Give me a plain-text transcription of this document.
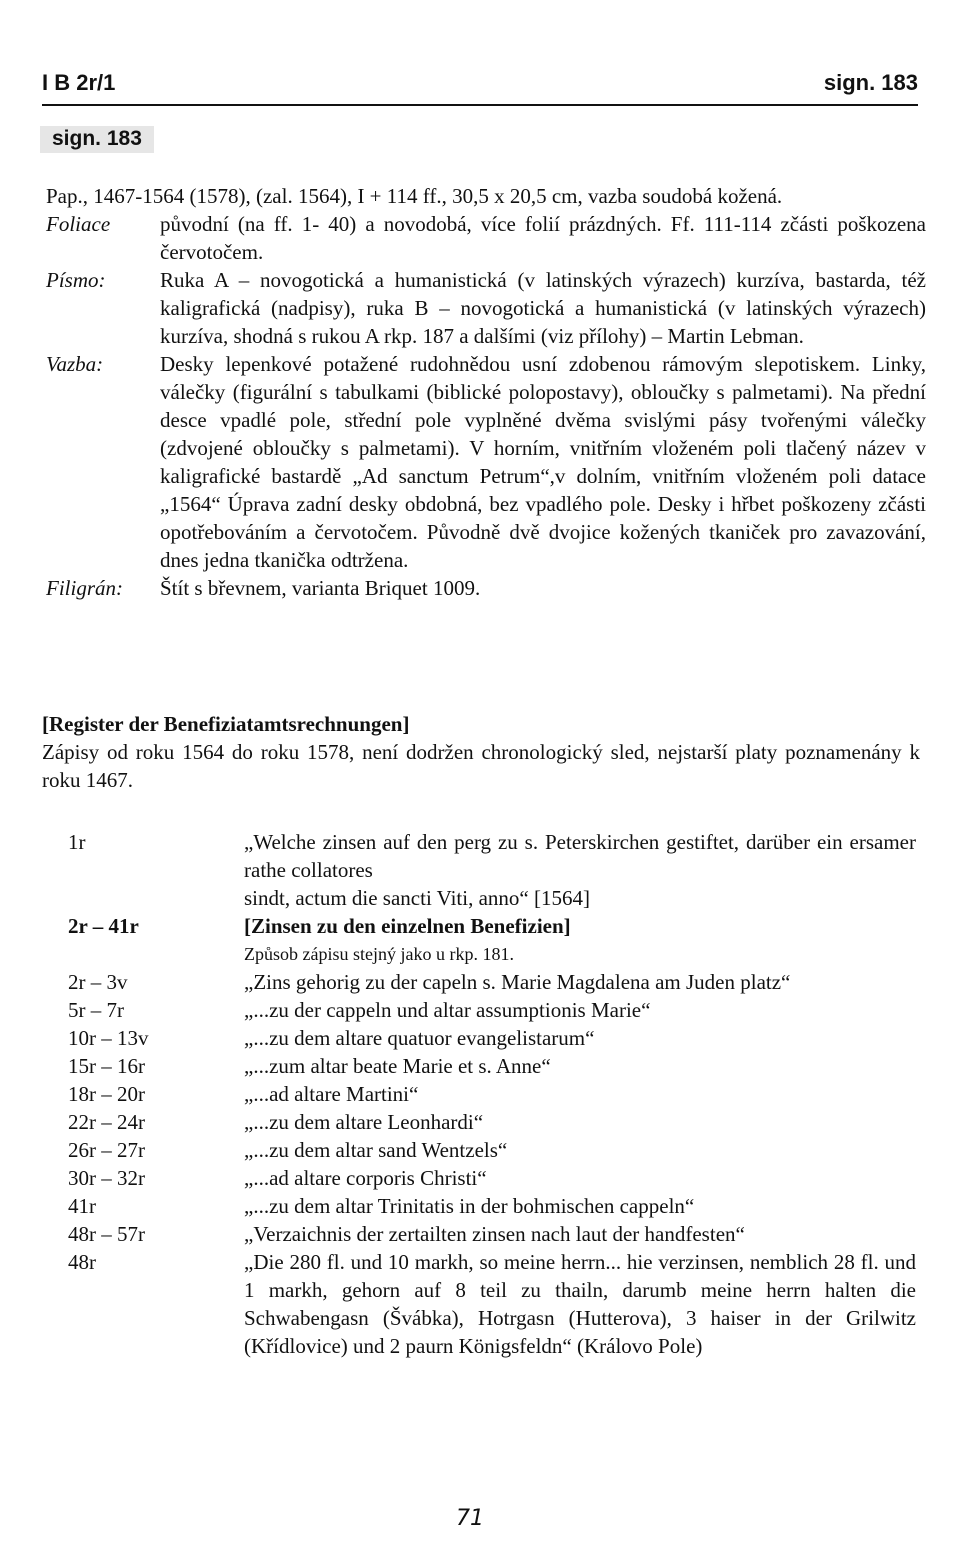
I B 2r/1	sign. 183
sign. 183
Pap., 1467-1564 (1578), (zal. 1564), I + 114 ff., 30,5 x 20,5 cm, vazba soudobá kožená.
Foliace	původní (na ff. 1- 40) a novodobá, více folií prázdných. Ff. 111-114 zčásti poškozena červotočem.
Písmo:	Ruka A – novogotická a humanistická (v latinských výrazech) kurzíva, bastarda, též kaligrafická (nadpisy), ruka B – novogotická a humanistická (v latinských výrazech) kurzíva, shodná s rukou A rkp. 187 a dalšími (viz přílohy) – Martin Lebman.
Vazba:	Desky lepenkové potažené rudohnědou usní zdobenou rámovým slepotiskem. Linky, válečky (figurální s tabulkami (biblické polopostavy), obloučky s palmetami). Na přední desce vpadlé pole, střední pole vyplněné dvěma svislými pásy tvořenými válečky (zdvojené obloučky s palmetami). V horním, vnitřním vloženém poli tlačený název v kaligrafické bastardě „Ad sanctum Petrum“,v dolním, vnitřním vloženém poli datace „1564“ Úprava zadní desky obdobná, bez vpadlého pole. Desky i hřbet poškozeny zčásti opotřebováním a červotočem. Původně dvě dvojice kožených tkaniček pro zavazování, dnes jedna tkanička odtržena.
Filigrán:	Štít s břevnem, varianta Briquet 1009.
[Register der Benefiziatamtsrechnungen]
Zápisy od roku 1564 do roku 1578, není dodržen chronologický sled, nejstarší platy poznamenány k roku 1467.
1r	„Welche zinsen auf den perg zu s. Peterskirchen gestiftet, darüber ein ersamer rathe collatores
sindt, actum die sancti Viti, anno“ [1564]
2r – 41r	[Zinsen zu den einzelnen Benefizien]
Způsob zápisu stejný jako u rkp. 181.
2r – 3v	„Zins gehorig zu der capeln s. Marie Magdalena am Juden platz“
5r – 7r	„...zu der cappeln und altar assumptionis Marie“
10r – 13v	„...zu dem altare quatuor evangelistarum“
15r – 16r	„...zum altar beate Marie et s. Anne“
18r – 20r	„...ad altare Martini“
22r – 24r	„...zu dem altare Leonhardi“
26r – 27r	„...zu dem altar sand Wentzels“
30r – 32r	„...ad altare corporis Christi“
41r	„...zu dem altar Trinitatis in der bohmischen cappeln“
48r – 57r	„Verzaichnis der zertailten zinsen nach laut der handfesten“
48r	„Die 280 fl. und 10 markh, so meine herrn... hie verzinsen, nemblich 28 fl. und 1 markh, gehorn auf 8 teil zu thailn, darumb meine herrn halten die Schwabengasn (Švábka), Hotrgasn (Hutterova), 3 haiser in der Grilwitz (Křídlovice) und 2 paurn Königsfeldn“ (Královo Pole)
71
